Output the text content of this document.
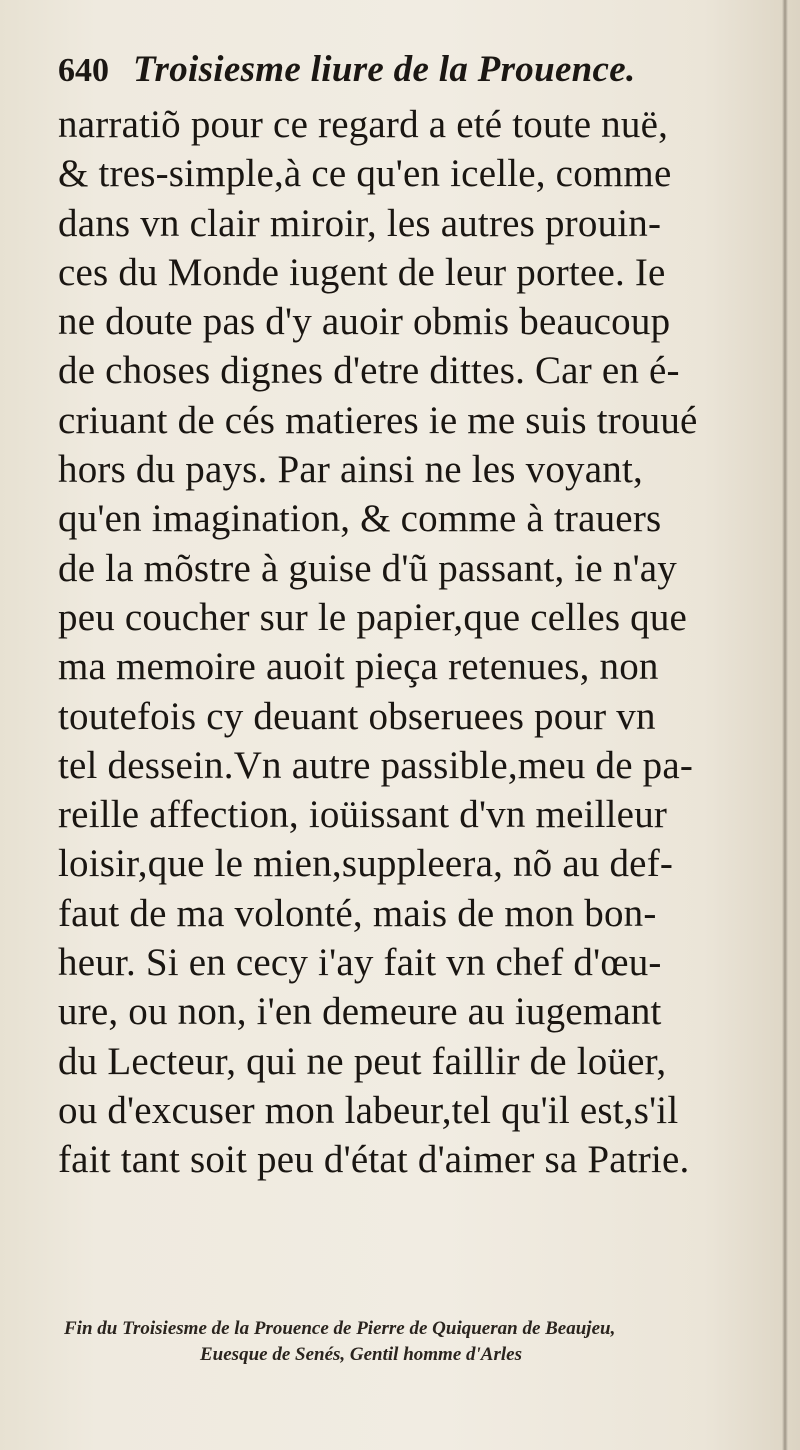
640 Troisiesme liure de la Prouence.
narratiõ pour ce regard a eté toute nuë,
& tres-simple,à ce qu'en icelle, comme
dans vn clair miroir, les autres prouin-
ces du Monde iugent de leur portee. Ie
ne doute pas d'y auoir obmis beaucoup
de choses dignes d'etre dittes. Car en é-
criuant de cés matieres ie me suis trouué
hors du pays. Par ainsi ne les voyant,
qu'en imagination, & comme à trauers
de la mõstre à guise d'ũ passant, ie n'ay
peu coucher sur le papier,que celles que
ma memoire auoit pieça retenues, non
toutefois cy deuant obseruees pour vn
tel dessein.Vn autre passible,meu de pa-
reille affection, ioüissant d'vn meilleur
loisir,que le mien,suppleera, nõ au def-
faut de ma volonté, mais de mon bon-
heur. Si en cecy i'ay fait vn chef d'œu-
ure, ou non, i'en demeure au iugemant
du Lecteur, qui ne peut faillir de loüer,
ou d'excuser mon labeur,tel qu'il est,s'il
fait tant soit peu d'état d'aimer sa Patrie.
Fin du Troisiesme de la Prouence de Pierre de Quiqueran de Beaujeu,
Euesque de Senés, Gentil homme d'Arles
